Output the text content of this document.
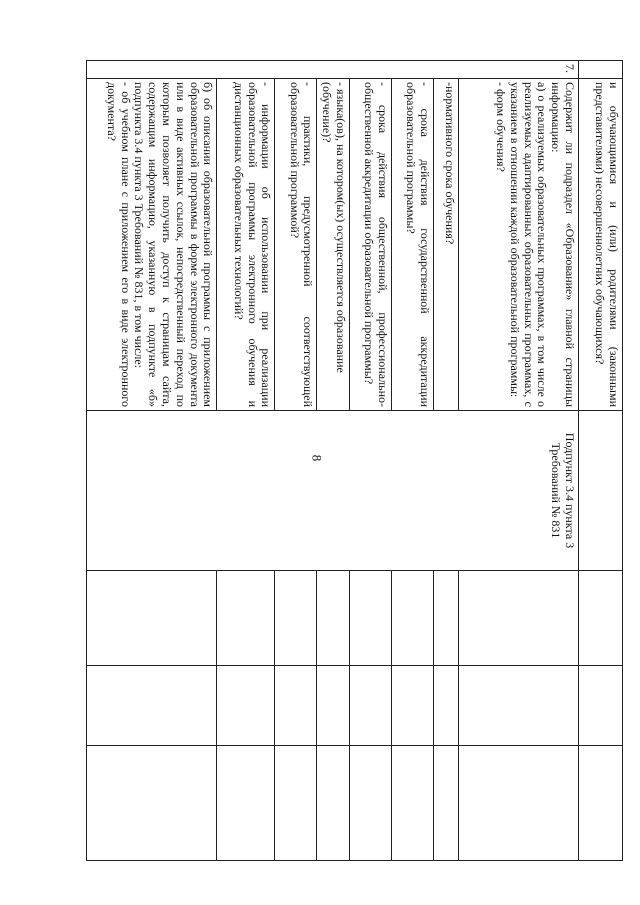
8
	и обучающимися и (или) родителями (законными представителями) несовершеннолетних обучающихся?				
7.	Содержит ли подраздел «Образование» главной страницы информацию:
а) о реализуемых образовательных программах, в том числе о реализуемых адаптированных образовательных программах, с указанием в отношении каждой образовательной программы:
- форм обучения?	Подпункт 3.4 пункта 3 Требований № 831			
	-нормативного срока обучения?				
	- срока действия государственной аккредитации образовательной программы?				
	- срока действия общественной, профессионально-общественной аккредитации образовательной программы?				
	- языка(ов), на котором(ых) осуществляется образование (обучение)?				
	- практики, предусмотренной соответствующей образовательной программой?				
	- информации об использовании при реализации образовательной программы электронного обучения и дистанционных образовательных технологий?				
	б) об описании образовательной программы с приложением образовательной программы в форме электронного документа или в виде активных ссылок, непосредственный переход по которым позволяет получить доступ к страницам сайта, содержащим информацию, указанную в подпункте «б» подпункта 3.4 пункта 3 Требований № 831, в том числе:
- об учебном плане с приложением его в виде электронного документа?				
